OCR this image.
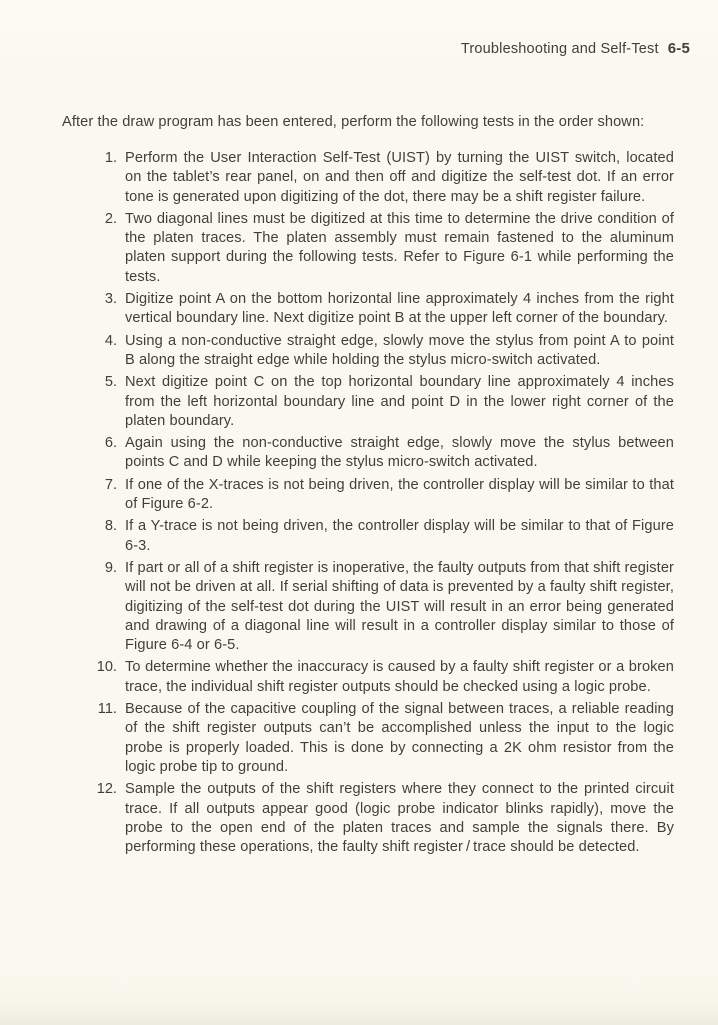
Troubleshooting and Self-Test 6-5

After the draw program has been entered, perform the following tests in the order shown:

1. Perform the User Interaction Self-Test (UIST) by turning the UIST switch, located on the tablet’s rear panel, on and then off and digitize the self-test dot. If an error tone is generated upon digitizing of the dot, there may be a shift register failure.
2. Two diagonal lines must be digitized at this time to determine the drive condition of the platen traces. The platen assembly must remain fastened to the aluminum platen support during the following tests. Refer to Figure 6-1 while performing the tests.
3. Digitize point A on the bottom horizontal line approximately 4 inches from the right vertical boundary line. Next digitize point B at the upper left corner of the boundary.
4. Using a non-conductive straight edge, slowly move the stylus from point A to point B along the straight edge while holding the stylus micro-switch activated.
5. Next digitize point C on the top horizontal boundary line approximately 4 inches from the left horizontal boundary line and point D in the lower right corner of the platen boundary.
6. Again using the non-conductive straight edge, slowly move the stylus between points C and D while keeping the stylus micro-switch activated.
7. If one of the X-traces is not being driven, the controller display will be similar to that of Figure 6-2.
8. If a Y-trace is not being driven, the controller display will be similar to that of Figure 6-3.
9. If part or all of a shift register is inoperative, the faulty outputs from that shift register will not be driven at all. If serial shifting of data is prevented by a faulty shift register, digitizing of the self-test dot during the UIST will result in an error being generated and drawing of a diagonal line will result in a controller display similar to those of Figure 6-4 or 6-5.
10. To determine whether the inaccuracy is caused by a faulty shift register or a broken trace, the individual shift register outputs should be checked using a logic probe.
11. Because of the capacitive coupling of the signal between traces, a reliable reading of the shift register outputs can’t be accomplished unless the input to the logic probe is properly loaded. This is done by connecting a 2K ohm resistor from the logic probe tip to ground.
12. Sample the outputs of the shift registers where they connect to the printed circuit trace. If all outputs appear good (logic probe indicator blinks rapidly), move the probe to the open end of the platen traces and sample the signals there. By performing these operations, the faulty shift register / trace should be detected.
